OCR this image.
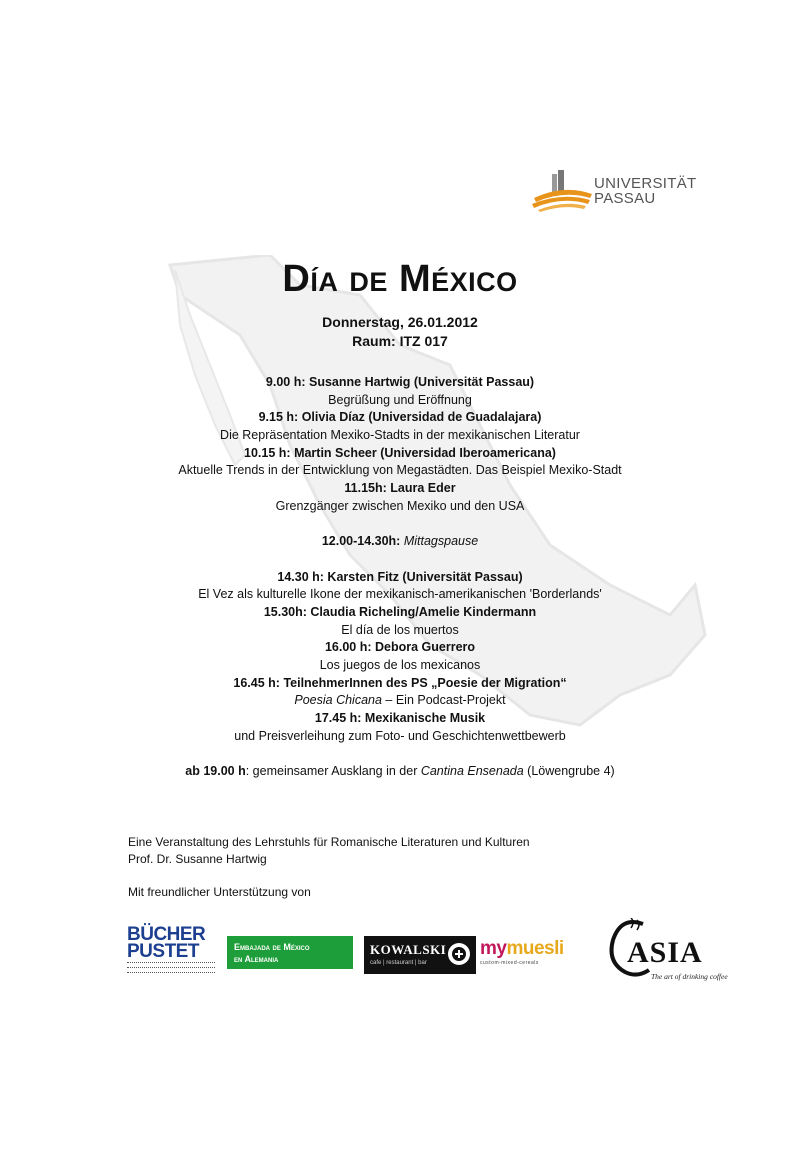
UNIVERSITÄT
PASSAU
Día de México
Donnerstag, 26.01.2012
Raum: ITZ 017
9.00 h: Susanne Hartwig (Universität Passau)
Begrüßung und Eröffnung
9.15 h: Olivia Díaz (Universidad de Guadalajara)
Die Repräsentation Mexiko-Stadts in der mexikanischen Literatur
10.15 h: Martin Scheer (Universidad Iberoamericana)
Aktuelle Trends in der Entwicklung von Megastädten. Das Beispiel Mexiko-Stadt
11.15h: Laura Eder
Grenzgänger zwischen Mexiko und den USA
12.00-14.30h: Mittagspause
14.30 h: Karsten Fitz (Universität Passau)
El Vez als kulturelle Ikone der mexikanisch-amerikanischen 'Borderlands'
15.30h: Claudia Richeling/Amelie Kindermann
El día de los muertos
16.00 h: Debora Guerrero
Los juegos de los mexicanos
16.45 h: TeilnehmerInnen des PS „Poesie der Migration“
Poesia Chicana – Ein Podcast-Projekt
17.45 h: Mexikanische Musik
und Preisverleihung zum Foto- und Geschichtenwettbewerb
ab 19.00 h: gemeinsamer Ausklang in der Cantina Ensenada (Löwengrube 4)
Eine Veranstaltung des Lehrstuhls für Romanische Literaturen und Kulturen
Prof. Dr. Susanne Hartwig
Mit freundlicher Unterstützung von
BÜCHER
PUSTET	Embajada de México
en Alemania
KOWALSKI
cafe | restaurant | bar
mymuesli
custom-mixed-cereals	ASIA
The art of drinking coffee
